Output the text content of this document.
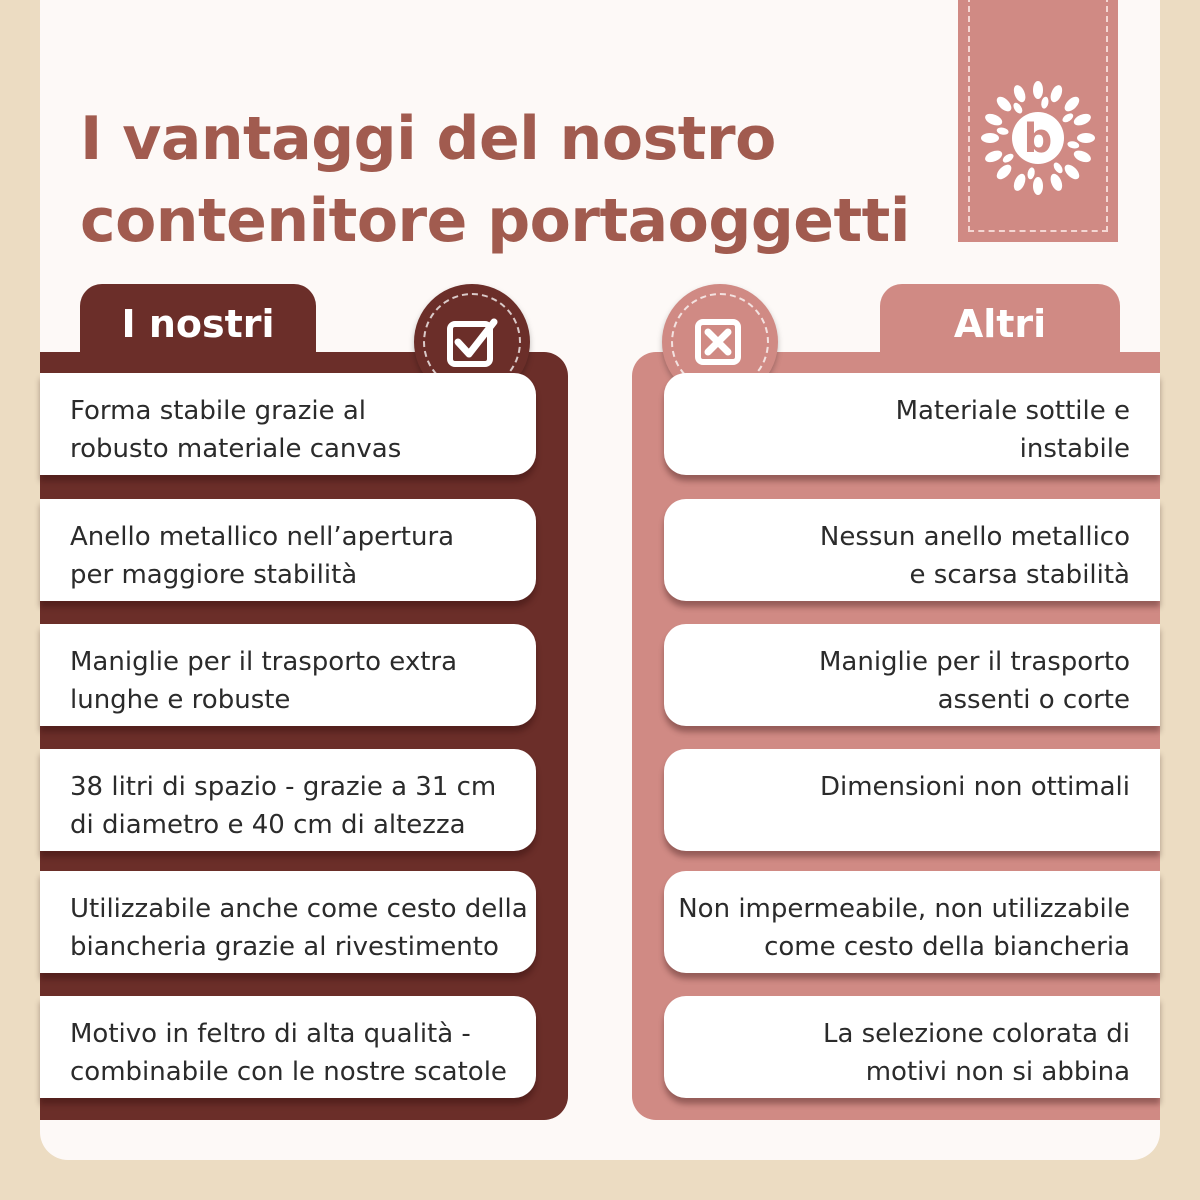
I vantaggi del nostro
contenitore portaoggetti
b
I nostri
Forma stabile grazie al
robusto materiale canvas
Anello metallico nell’apertura
per maggiore stabilità
Maniglie per il trasporto extra
lunghe e robuste
38 litri di spazio - grazie a 31 cm
di diametro e 40 cm di altezza
Utilizzabile anche come cesto della
biancheria grazie al rivestimento
Motivo in feltro di alta qualità -
combinabile con le nostre scatole
Altri
Materiale sottile e
instabile
Nessun anello metallico
e scarsa stabilità
Maniglie per il trasporto
assenti o corte
Dimensioni non ottimali
Non impermeabile, non utilizzabile
come cesto della biancheria
La selezione colorata di
motivi non si abbina
